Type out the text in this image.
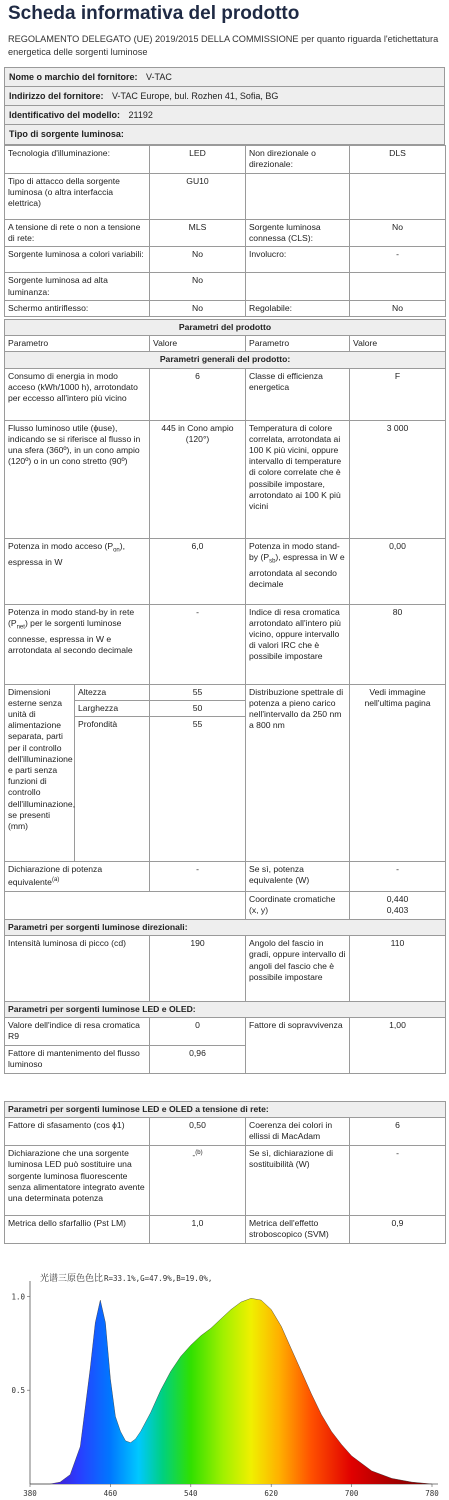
Scheda informativa del prodotto
REGOLAMENTO DELEGATO (UE) 2019/2015 DELLA COMMISSIONE per quanto riguarda l'etichettatura energetica delle sorgenti luminose
Nome o marchio del fornitore: V-TAC
Indirizzo del fornitore: V-TAC Europe, bul. Rozhen 41, Sofia, BG
Identificativo del modello: 21192
Tipo di sorgente luminosa:
Tecnologia d'illuminazione:	LED	Non direzionale o direzionale:	DLS
Tipo di attacco della sorgente luminosa (o altra interfaccia elettrica)	GU10		
A tensione di rete o non a tensione di rete:	MLS	Sorgente luminosa connessa (CLS):	No
Sorgente luminosa a colori variabili:	No	Involucro:	-
Sorgente luminosa ad alta luminanza:	No		
Schermo antiriflesso:	No	Regolabile:	No
Parametri del prodotto				
Parametro		Valore	Parametro	Valore
Parametri generali del prodotto:				
Consumo di energia in modo acceso (kWh/1000 h), arrotondato per eccesso all'intero più vicino		6	Classe di efficienza energetica	F
Flusso luminoso utile (ϕuse), indicando se si riferisce al flusso in una sfera (360º), in un cono ampio (120º) o in un cono stretto (90º)		445 in Cono ampio (120°)	Temperatura di colore correlata, arrotondata ai 100 K più vicini, oppure intervallo di temperature di colore correlate che è possibile impostare, arrotondato ai 100 K più vicini	3 000
Potenza in modo acceso $(P_{on})$, espressa in W		6,0	Potenza in modo stand-by $(P_{sb})$, espressa in W e arrotondata al secondo decimale	0,00
Potenza in modo stand-by in rete $(P_{net})$ per le sorgenti luminose connesse, espressa in W e arrotondata al secondo decimale		-	Indice di resa cromatica arrotondato all'intero più vicino, oppure intervallo di valori IRC che è possibile impostare	80
Dimensioni esterne senza unità di alimentazione separata, parti per il controllo dell'illuminazione e parti senza funzioni di controllo dell'illuminazione, se presenti (mm)	Altezza	55	Distribuzione spettrale di potenza a pieno carico nell'intervallo da 250 nm a 800 nm	Vedi immagine nell'ultima pagina
	Larghezza	50		
	Profondità	55		
Dichiarazione di potenza equivalente$^{(a)}$		-	Se sì, potenza equivalente (W)	-
			Coordinate cromatiche (x, y)	0,440
0,403
Parametri per sorgenti luminose direzionali:
Intensità luminosa di picco (cd)	190	Angolo del fascio in gradi, oppure intervallo di angoli del fascio che è possibile impostare	110
Parametri per sorgenti luminose LED e OLED:			
Valore dell'indice di resa cromatica R9	0	Fattore di sopravvivenza	1,00
Fattore di mantenimento del flusso luminoso	0,96		
Parametri per sorgenti luminose LED e OLED a tensione di rete:			
Fattore di sfasamento (cos ϕ1)	0,50	Coerenza dei colori in ellissi di MacAdam	6
Dichiarazione che una sorgente luminosa LED può sostituire una sorgente luminosa fluorescente senza alimentatore integrato avente una determinata potenza	-$^{(b)}$	Se sì, dichiarazione di sostituibilità (W)	-
Metrica dello sfarfallio (Pst LM)	1,0	Metrica dell'effetto stroboscopico (SVM)	0,9
光谱三原色色比 R=33.1%,G=47.9%,B=19.0%,
380	460	540	620	700	780
1.0
0.5
